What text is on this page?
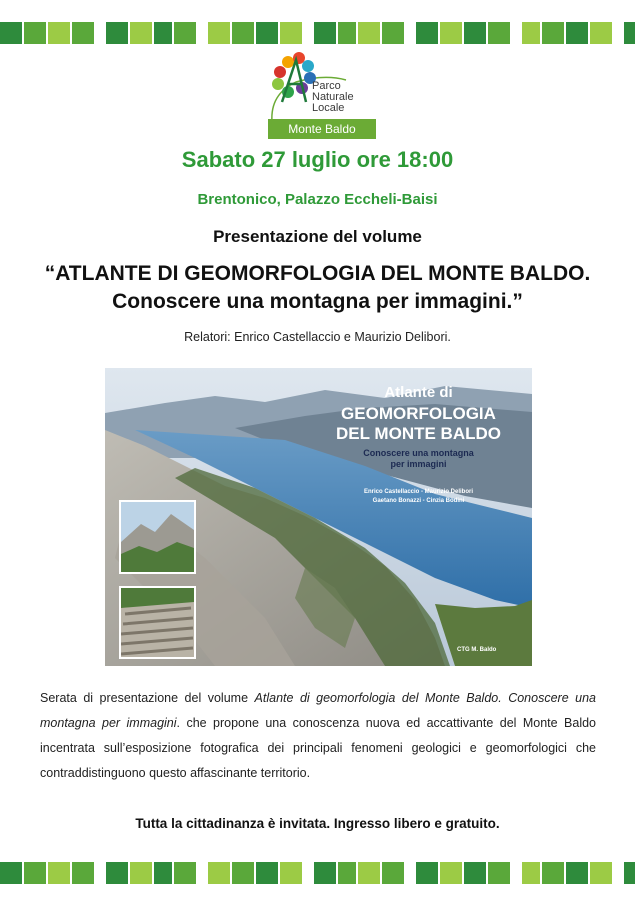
Parco
Naturale
Locale
Monte Baldo
Sabato 27 luglio ore 18:00
Brentonico, Palazzo Eccheli-Baisi
Presentazione del volume
“ATLANTE DI GEOMORFOLOGIA DEL MONTE BALDO.
Conoscere una montagna per immagini.”
Relatori: Enrico Castellaccio e Maurizio Delibori.
Atlante di
GEOMORFOLOGIA
DEL MONTE BALDO
Conoscere una montagna
per immagini
Enrico Castellaccio - Maurizio Delibori
Gaetano Bonazzi - Cinzia Bodini
CTG M. Baldo
Serata di presentazione del volume Atlante di geomorfologia del Monte Baldo. Conoscere una montagna per immagini. che propone una conoscenza nuova ed accattivante del Monte Baldo incentrata sull’esposizione fotografica dei principali fenomeni geologici e geomorfologici che contraddistinguono questo affascinante territorio.
Tutta la cittadinanza è invitata. Ingresso libero e gratuito.
